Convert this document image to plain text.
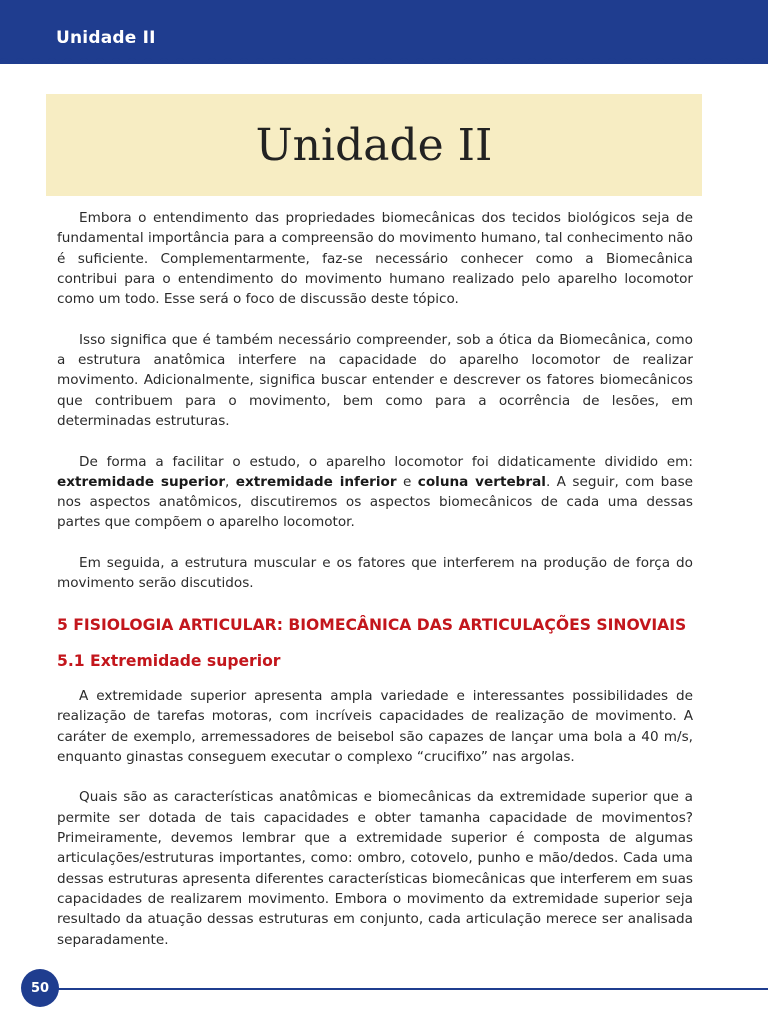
Unidade II
Unidade II

Embora o entendimento das propriedades biomecânicas dos tecidos biológicos seja de fundamental importância para a compreensão do movimento humano, tal conhecimento não é suficiente. Complementarmente, faz-se necessário conhecer como a Biomecânica contribui para o entendimento do movimento humano realizado pelo aparelho locomotor como um todo. Esse será o foco de discussão deste tópico.

Isso significa que é também necessário compreender, sob a ótica da Biomecânica, como a estrutura anatômica interfere na capacidade do aparelho locomotor de realizar movimento. Adicionalmente, significa buscar entender e descrever os fatores biomecânicos que contribuem para o movimento, bem como para a ocorrência de lesões, em determinadas estruturas.

De forma a facilitar o estudo, o aparelho locomotor foi didaticamente dividido em: extremidade superior, extremidade inferior e coluna vertebral. A seguir, com base nos aspectos anatômicos, discutiremos os aspectos biomecânicos de cada uma dessas partes que compõem o aparelho locomotor.

Em seguida, a estrutura muscular e os fatores que interferem na produção de força do movimento serão discutidos.

5 FISIOLOGIA ARTICULAR: BIOMECÂNICA DAS ARTICULAÇÕES SINOVIAIS
5.1 Extremidade superior

A extremidade superior apresenta ampla variedade e interessantes possibilidades de realização de tarefas motoras, com incríveis capacidades de realização de movimento. A caráter de exemplo, arremessadores de beisebol são capazes de lançar uma bola a 40 m/s, enquanto ginastas conseguem executar o complexo “crucifixo” nas argolas.

Quais são as características anatômicas e biomecânicas da extremidade superior que a permite ser dotada de tais capacidades e obter tamanha capacidade de movimentos? Primeiramente, devemos lembrar que a extremidade superior é composta de algumas articulações/estruturas importantes, como: ombro, cotovelo, punho e mão/dedos. Cada uma dessas estruturas apresenta diferentes características biomecânicas que interferem em suas capacidades de realizarem movimento. Embora o movimento da extremidade superior seja resultado da atuação dessas estruturas em conjunto, cada articulação merece ser analisada separadamente.

50
